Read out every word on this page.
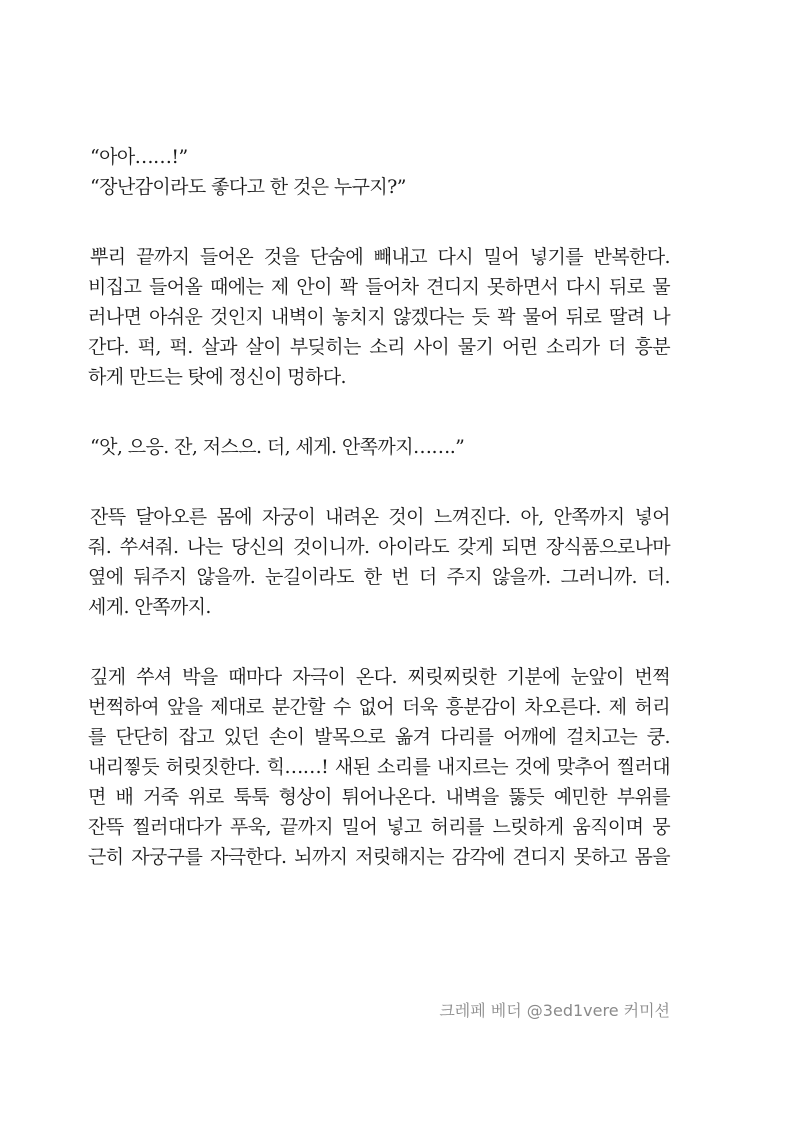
“아아……!”
“장난감이라도 좋다고 한 것은 누구지?”
뿌리 끝까지 들어온 것을 단숨에 빼내고 다시 밀어 넣기를 반복한다.
비집고 들어올 때에는 제 안이 꽉 들어차 견디지 못하면서 다시 뒤로 물
러나면 아쉬운 것인지 내벽이 놓치지 않겠다는 듯 꽉 물어 뒤로 딸려 나
간다. 퍽, 퍽. 살과 살이 부딪히는 소리 사이 물기 어린 소리가 더 흥분
하게 만드는 탓에 정신이 멍하다.
“앗, 으응. 잔, 저스으. 더, 세게. 안쪽까지…….”
잔뜩 달아오른 몸에 자궁이 내려온 것이 느껴진다. 아, 안쪽까지 넣어
줘. 쑤셔줘. 나는 당신의 것이니까. 아이라도 갖게 되면 장식품으로나마
옆에 둬주지 않을까. 눈길이라도 한 번 더 주지 않을까. 그러니까. 더.
세게. 안쪽까지.
깊게 쑤셔 박을 때마다 자극이 온다. 찌릿찌릿한 기분에 눈앞이 번쩍
번쩍하여 앞을 제대로 분간할 수 없어 더욱 흥분감이 차오른다. 제 허리
를 단단히 잡고 있던 손이 발목으로 옮겨 다리를 어깨에 걸치고는 쿵.
내리찧듯 허릿짓한다. 힉……! 새된 소리를 내지르는 것에 맞추어 찔러대
면 배 거죽 위로 툭툭 형상이 튀어나온다. 내벽을 뚫듯 예민한 부위를
잔뜩 찔러대다가 푸욱, 끝까지 밀어 넣고 허리를 느릿하게 움직이며 뭉
근히 자궁구를 자극한다. 뇌까지 저릿해지는 감각에 견디지 못하고 몸을
크레페 베더 @3ed1vere 커미션
